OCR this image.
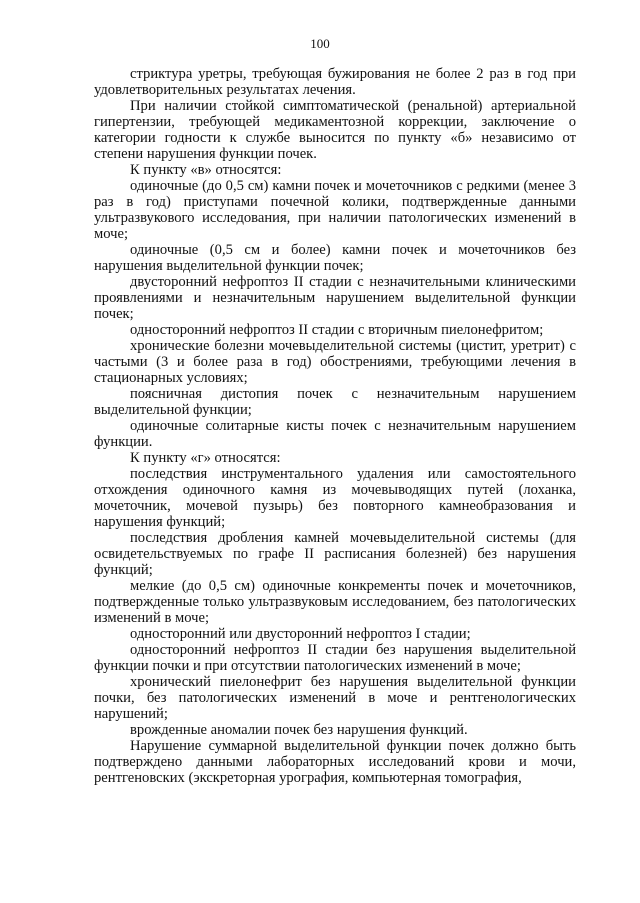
100

стриктура уретры, требующая бужирования не более 2 раз в год при удовлетворительных результатах лечения.

При наличии стойкой симптоматической (ренальной) артериальной гипертензии, требующей медикаментозной коррекции, заключение о категории годности к службе выносится по пункту «б» независимо от степени нарушения функции почек.

К пункту «в» относятся:

одиночные (до 0,5 см) камни почек и мочеточников с редкими (менее 3 раз в год) приступами почечной колики, подтвержденные данными ультразвукового исследования, при наличии патологических изменений в моче;

одиночные (0,5 см и более) камни почек и мочеточников без нарушения выделительной функции почек;

двусторонний нефроптоз II стадии с незначительными клиническими проявлениями и незначительным нарушением выделительной функции почек;

односторонний нефроптоз II стадии с вторичным пиелонефритом;

хронические болезни мочевыделительной системы (цистит, уретрит) с частыми (3 и более раза в год) обострениями, требующими лечения в стационарных условиях;

поясничная дистопия почек с незначительным нарушением выделительной функции;

одиночные солитарные кисты почек с незначительным нарушением функции.

К пункту «г» относятся:

последствия инструментального удаления или самостоятельного отхождения одиночного камня из мочевыводящих путей (лоханка, мочеточник, мочевой пузырь) без повторного камнеобразования и нарушения функций;

последствия дробления камней мочевыделительной системы (для освидетельствуемых по графе II расписания болезней) без нарушения функций;

мелкие (до 0,5 см) одиночные конкременты почек и мочеточников, подтвержденные только ультразвуковым исследованием, без патологических изменений в моче;

односторонний или двусторонний нефроптоз I стадии;

односторонний нефроптоз II стадии без нарушения выделительной функции почки и при отсутствии патологических изменений в моче;

хронический пиелонефрит без нарушения выделительной функции почки, без патологических изменений в моче и рентгенологических нарушений;

врожденные аномалии почек без нарушения функций.

Нарушение суммарной выделительной функции почек должно быть подтверждено данными лабораторных исследований крови и мочи, рентгеновских (экскреторная урография, компьютерная томография,
